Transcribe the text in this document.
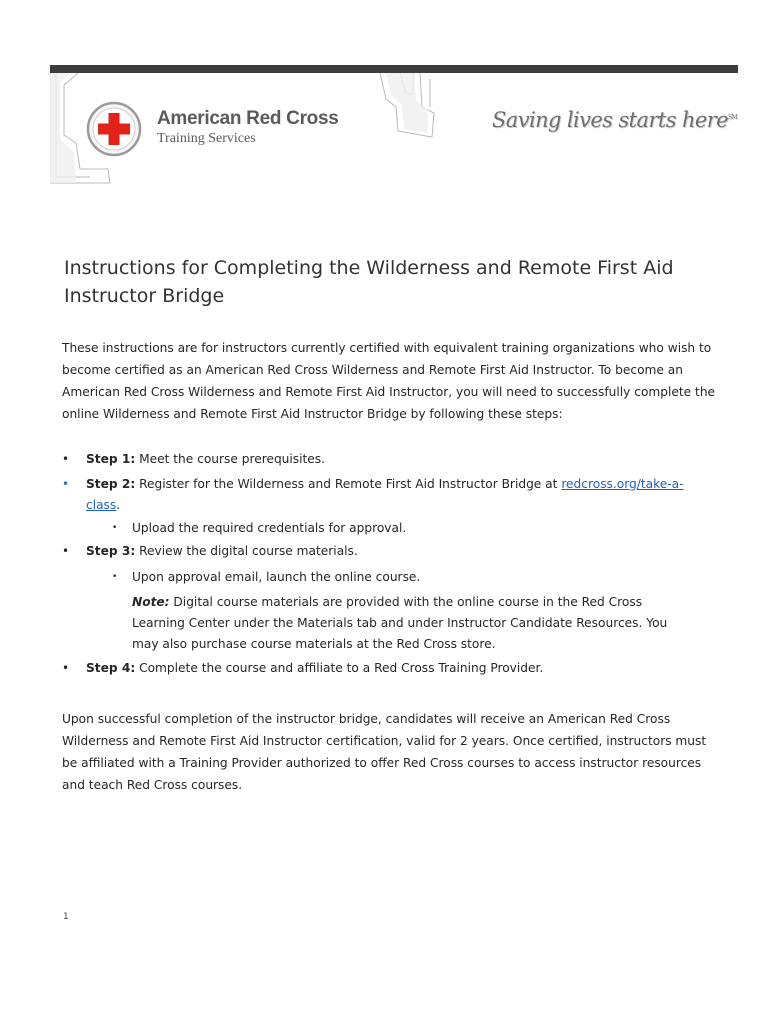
American Red Cross
Training Services
Saving lives starts here℠
Instructions for Completing the Wilderness and Remote First Aid Instructor Bridge

These instructions are for instructors currently certified with equivalent training organizations who wish to become certified as an American Red Cross Wilderness and Remote First Aid Instructor. To become an American Red Cross Wilderness and Remote First Aid Instructor, you will need to successfully complete the online Wilderness and Remote First Aid Instructor Bridge by following these steps:

•	Step 1: Meet the course prerequisites.
•	Step 2: Register for the Wilderness and Remote First Aid Instructor Bridge at redcross.org/take-a-class.
• Upload the required credentials for approval.
•	Step 3: Review the digital course materials.
• Upon approval email, launch the online course.

Note: Digital course materials are provided with the online course in the Red Cross Learning Center under the Materials tab and under Instructor Candidate Resources. You may also purchase course materials at the Red Cross store.

•	Step 4: Complete the course and affiliate to a Red Cross Training Provider.

Upon successful completion of the instructor bridge, candidates will receive an American Red Cross Wilderness and Remote First Aid Instructor certification, valid for 2 years. Once certified, instructors must be affiliated with a Training Provider authorized to offer Red Cross courses to access instructor resources and teach Red Cross courses.

1
